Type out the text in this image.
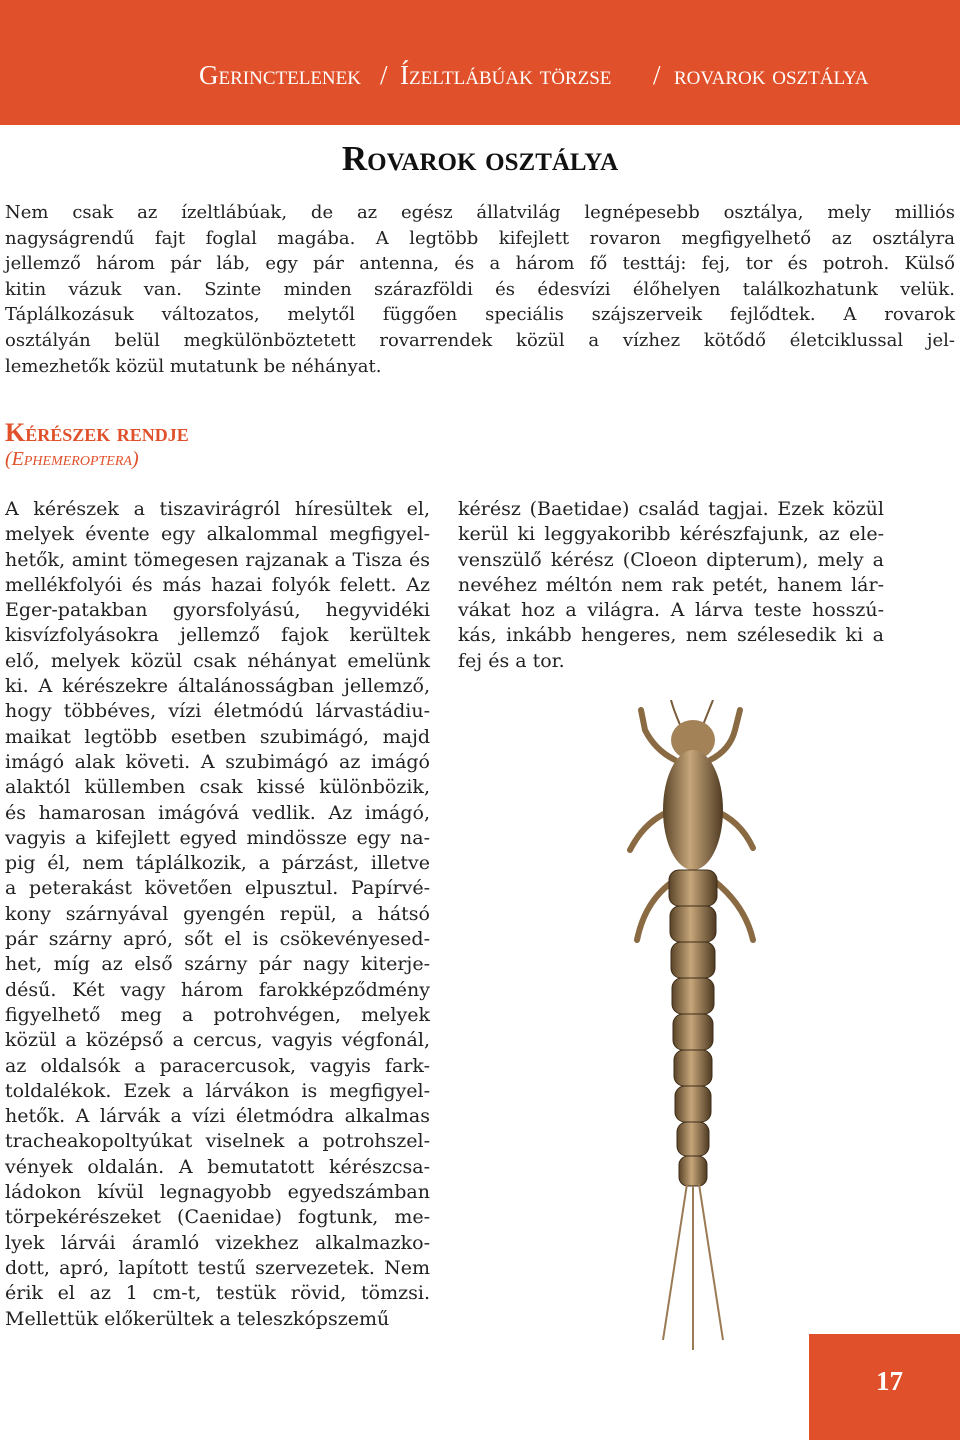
Gerinctelenek / Ízeltlábúak törzse / rovarok osztálya
Rovarok osztálya
Nem csak az ízeltlábúak, de az egész állatvilág legnépesebb osztálya, mely milliós
nagyságrendű fajt foglal magába. A legtöbb kifejlett rovaron megfigyelhető az osztályra
jellemző három pár láb, egy pár antenna, és a három fő testtáj: fej, tor és potroh. Külső
kitin vázuk van. Szinte minden szárazföldi és édesvízi élőhelyen találkozhatunk velük.
Táplálkozásuk változatos, melytől függően speciális szájszerveik fejlődtek. A rovarok
osztályán belül megkülönböztetett rovarrendek közül a vízhez kötődő életciklussal jel-
lemezhetők közül mutatunk be néhányat.
Kérészek rendje
(Ephemeroptera)
A kérészek a tiszavirágról híresültek el,
melyek évente egy alkalommal megfigyel-
hetők, amint tömegesen rajzanak a Tisza és
mellékfolyói és más hazai folyók felett. Az
Eger-patakban gyorsfolyású, hegyvidéki
kisvízfolyásokra jellemző fajok kerültek
elő, melyek közül csak néhányat emelünk
ki. A kérészekre általánosságban jellemző,
hogy többéves, vízi életmódú lárvastádiu-
maikat legtöbb esetben szubimágó, majd
imágó alak követi. A szubimágó az imágó
alaktól küllemben csak kissé különbözik,
és hamarosan imágóvá vedlik. Az imágó,
vagyis a kifejlett egyed mindössze egy na-
pig él, nem táplálkozik, a párzást, illetve
a peterakást követően elpusztul. Papírvé-
kony szárnyával gyengén repül, a hátsó
pár szárny apró, sőt el is csökevényesed-
het, míg az első szárny pár nagy kiterje-
désű. Két vagy három farokképződmény
figyelhető meg a potrohvégen, melyek
közül a középső a cercus, vagyis végfonál,
az oldalsók a paracercusok, vagyis fark-
toldalékok. Ezek a lárvákon is megfigyel-
hetők. A lárvák a vízi életmódra alkalmas
tracheakopoltyúkat viselnek a potrohszel-
vények oldalán. A bemutatott kérészcsa-
ládokon kívül legnagyobb egyedszámban
törpekérészeket (Caenidae) fogtunk, me-
lyek lárvái áramló vizekhez alkalmazko-
dott, apró, lapított testű szervezetek. Nem
érik el az 1 cm-t, testük rövid, tömzsi.
Mellettük előkerültek a teleszkópszemű
kérész (Baetidae) család tagjai. Ezek közül
kerül ki leggyakoribb kérészfajunk, az ele-
venszülő kérész (Cloeon dipterum), mely a
nevéhez méltón nem rak petét, hanem lár-
vákat hoz a világra. A lárva teste hosszú-
kás, inkább hengeres, nem szélesedik ki a
fej és a tor.
17
